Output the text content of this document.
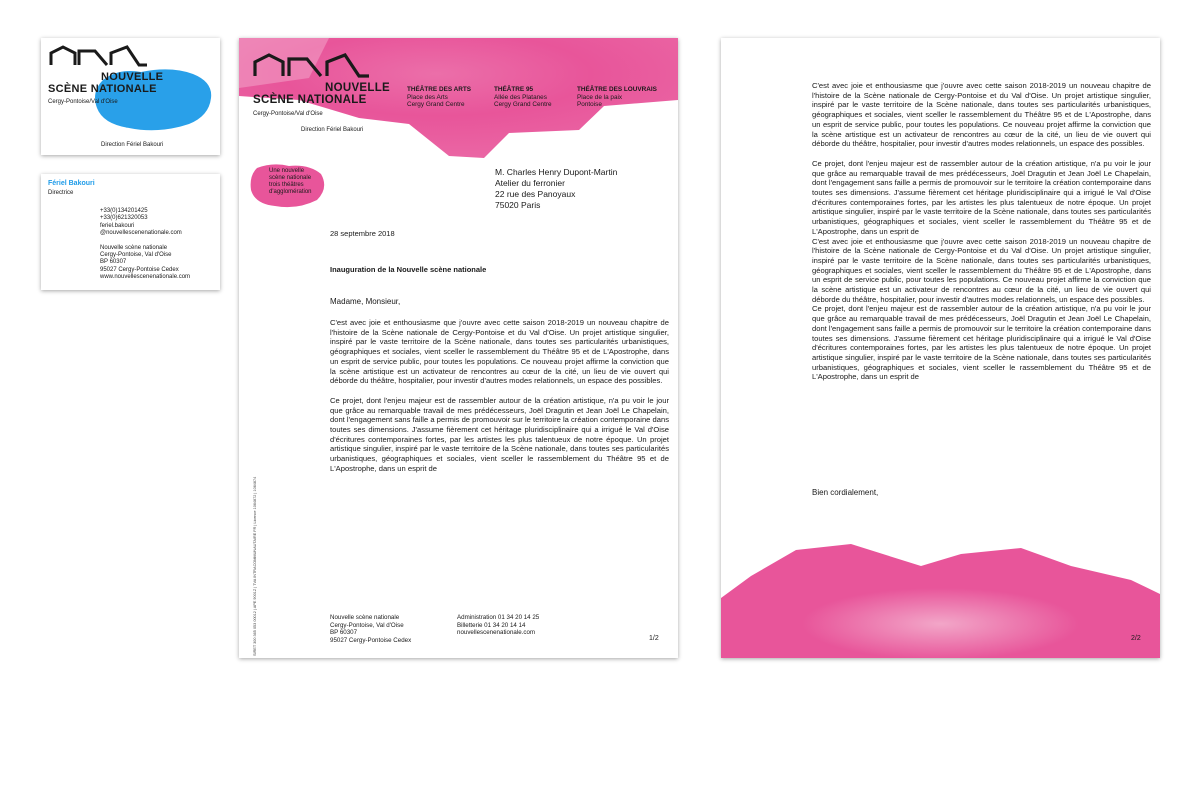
NOUVELLE
SCÈNE NATIONALE
Cergy-Pontoise/Val d'Oise
Direction Fériel Bakouri
Fériel Bakouri
Directrice
+33(0)134201425
+33(0)621320053
feriel.bakouri
@nouvellescenenationale.com
Nouvelle scène nationale
Cergy-Pontoise, Val d'Oise
BP 60307
95027 Cergy-Pontoise Cedex
www.nouvellescenenationale.com
NOUVELLE
SCÈNE NATIONALE
Cergy-Pontoise/Val d'Oise
Direction Fériel Bakouri
THÉÂTRE DES ARTS
Place des Arts
Cergy Grand Centre
THÉÂTRE 95
Allée des Platanes
Cergy Grand Centre
THÉÂTRE DES LOUVRAIS
Place de la paix
Pontoise
Une nouvelle
scène nationale
trois théâtres
d'agglomération
M. Charles Henry Dupont-Martin
Atelier du ferronier
22 rue des Panoyaux
75020 Paris
28 septembre 2018
Inauguration de la Nouvelle scène nationale
Madame, Monsieur,

C'est avec joie et enthousiasme que j'ouvre avec cette saison 2018-2019 un nouveau chapitre de l'histoire de la Scène nationale de Cergy-Pontoise et du Val d'Oise. Un projet artistique singulier, inspiré par le vaste territoire de la Scène nationale, dans toutes ses particularités urbanistiques, géographiques et sociales, vient sceller le rassemblement du Théâtre 95 et de L'Apostrophe, dans un esprit de service public, pour toutes les populations. Ce nouveau projet affirme la conviction que la scène artistique est un activateur de rencontres au cœur de la cité, un lieu de vie ouvert qui déborde du théâtre, hospitalier, pour investir d'autres modes relationnels, un espace des possibles.

Ce projet, dont l'enjeu majeur est de rassembler autour de la création artistique, n'a pu voir le jour que grâce au remarquable travail de mes prédécesseurs, Joël Dragutin et Jean Joël Le Chapelain, dont l'engagement sans faille a permis de promouvoir sur le territoire la création contemporaine dans toutes ses dimensions. J'assume fièrement cet héritage pluridisciplinaire qui a irrigué le Val d'Oise d'écritures contemporaines fortes, par les artistes les plus talentueux de notre époque. Un projet artistique singulier, inspiré par le vaste territoire de la Scène nationale, dans toutes ses particularités urbanistiques, géographiques et sociales, vient sceller le rassemblement du Théâtre 95 et de L'Apostrophe, dans un esprit de

SIRET 300 365 053 00012 | APE 9001Z | TVA INTRACOMMUNAUTAIRE FR | Licence 1064872 | 1064874	Nouvelle scène nationale
Cergy-Pontoise, Val d'Oise
BP 60307
95027 Cergy-Pontoise Cedex
Administration 01 34 20 14 25
Billetterie 01 34 20 14 14
nouvellescenenationale.com
1/2

C'est avec joie et enthousiasme que j'ouvre avec cette saison 2018-2019 un nouveau chapitre de l'histoire de la Scène nationale de Cergy-Pontoise et du Val d'Oise. Un projet artistique singulier, inspiré par le vaste territoire de la Scène nationale, dans toutes ses particularités urbanistiques, géographiques et sociales, vient sceller le rassemblement du Théâtre 95 et de L'Apostrophe, dans un esprit de service public, pour toutes les populations. Ce nouveau projet affirme la conviction que la scène artistique est un activateur de rencontres au cœur de la cité, un lieu de vie ouvert qui déborde du théâtre, hospitalier, pour investir d'autres modes relationnels, un espace des possibles.

Ce projet, dont l'enjeu majeur est de rassembler autour de la création artistique, n'a pu voir le jour que grâce au remarquable travail de mes prédécesseurs, Joël Dragutin et Jean Joël Le Chapelain, dont l'engagement sans faille a permis de promouvoir sur le territoire la création contemporaine dans toutes ses dimensions. J'assume fièrement cet héritage pluridisciplinaire qui a irrigué le Val d'Oise d'écritures contemporaines fortes, par les artistes les plus talentueux de notre époque. Un projet artistique singulier, inspiré par le vaste territoire de la Scène nationale, dans toutes ses particularités urbanistiques, géographiques et sociales, vient sceller le rassemblement du Théâtre 95 et de L'Apostrophe, dans un esprit de

C'est avec joie et enthousiasme que j'ouvre avec cette saison 2018-2019 un nouveau chapitre de l'histoire de la Scène nationale de Cergy-Pontoise et du Val d'Oise. Un projet artistique singulier, inspiré par le vaste territoire de la Scène nationale, dans toutes ses particularités urbanistiques, géographiques et sociales, vient sceller le rassemblement du Théâtre 95 et de L'Apostrophe, dans un esprit de service public, pour toutes les populations. Ce nouveau projet affirme la conviction que la scène artistique est un activateur de rencontres au cœur de la cité, un lieu de vie ouvert qui déborde du théâtre, hospitalier, pour investir d'autres modes relationnels, un espace des possibles.

Ce projet, dont l'enjeu majeur est de rassembler autour de la création artistique, n'a pu voir le jour que grâce au remarquable travail de mes prédécesseurs, Joël Dragutin et Jean Joël Le Chapelain, dont l'engagement sans faille a permis de promouvoir sur le territoire la création contemporaine dans toutes ses dimensions. J'assume fièrement cet héritage pluridisciplinaire qui a irrigué le Val d'Oise d'écritures contemporaines fortes, par les artistes les plus talentueux de notre époque. Un projet artistique singulier, inspiré par le vaste territoire de la Scène nationale, dans toutes ses particularités urbanistiques, géographiques et sociales, vient sceller le rassemblement du Théâtre 95 et de L'Apostrophe, dans un esprit de

Bien cordialement,
2/2
